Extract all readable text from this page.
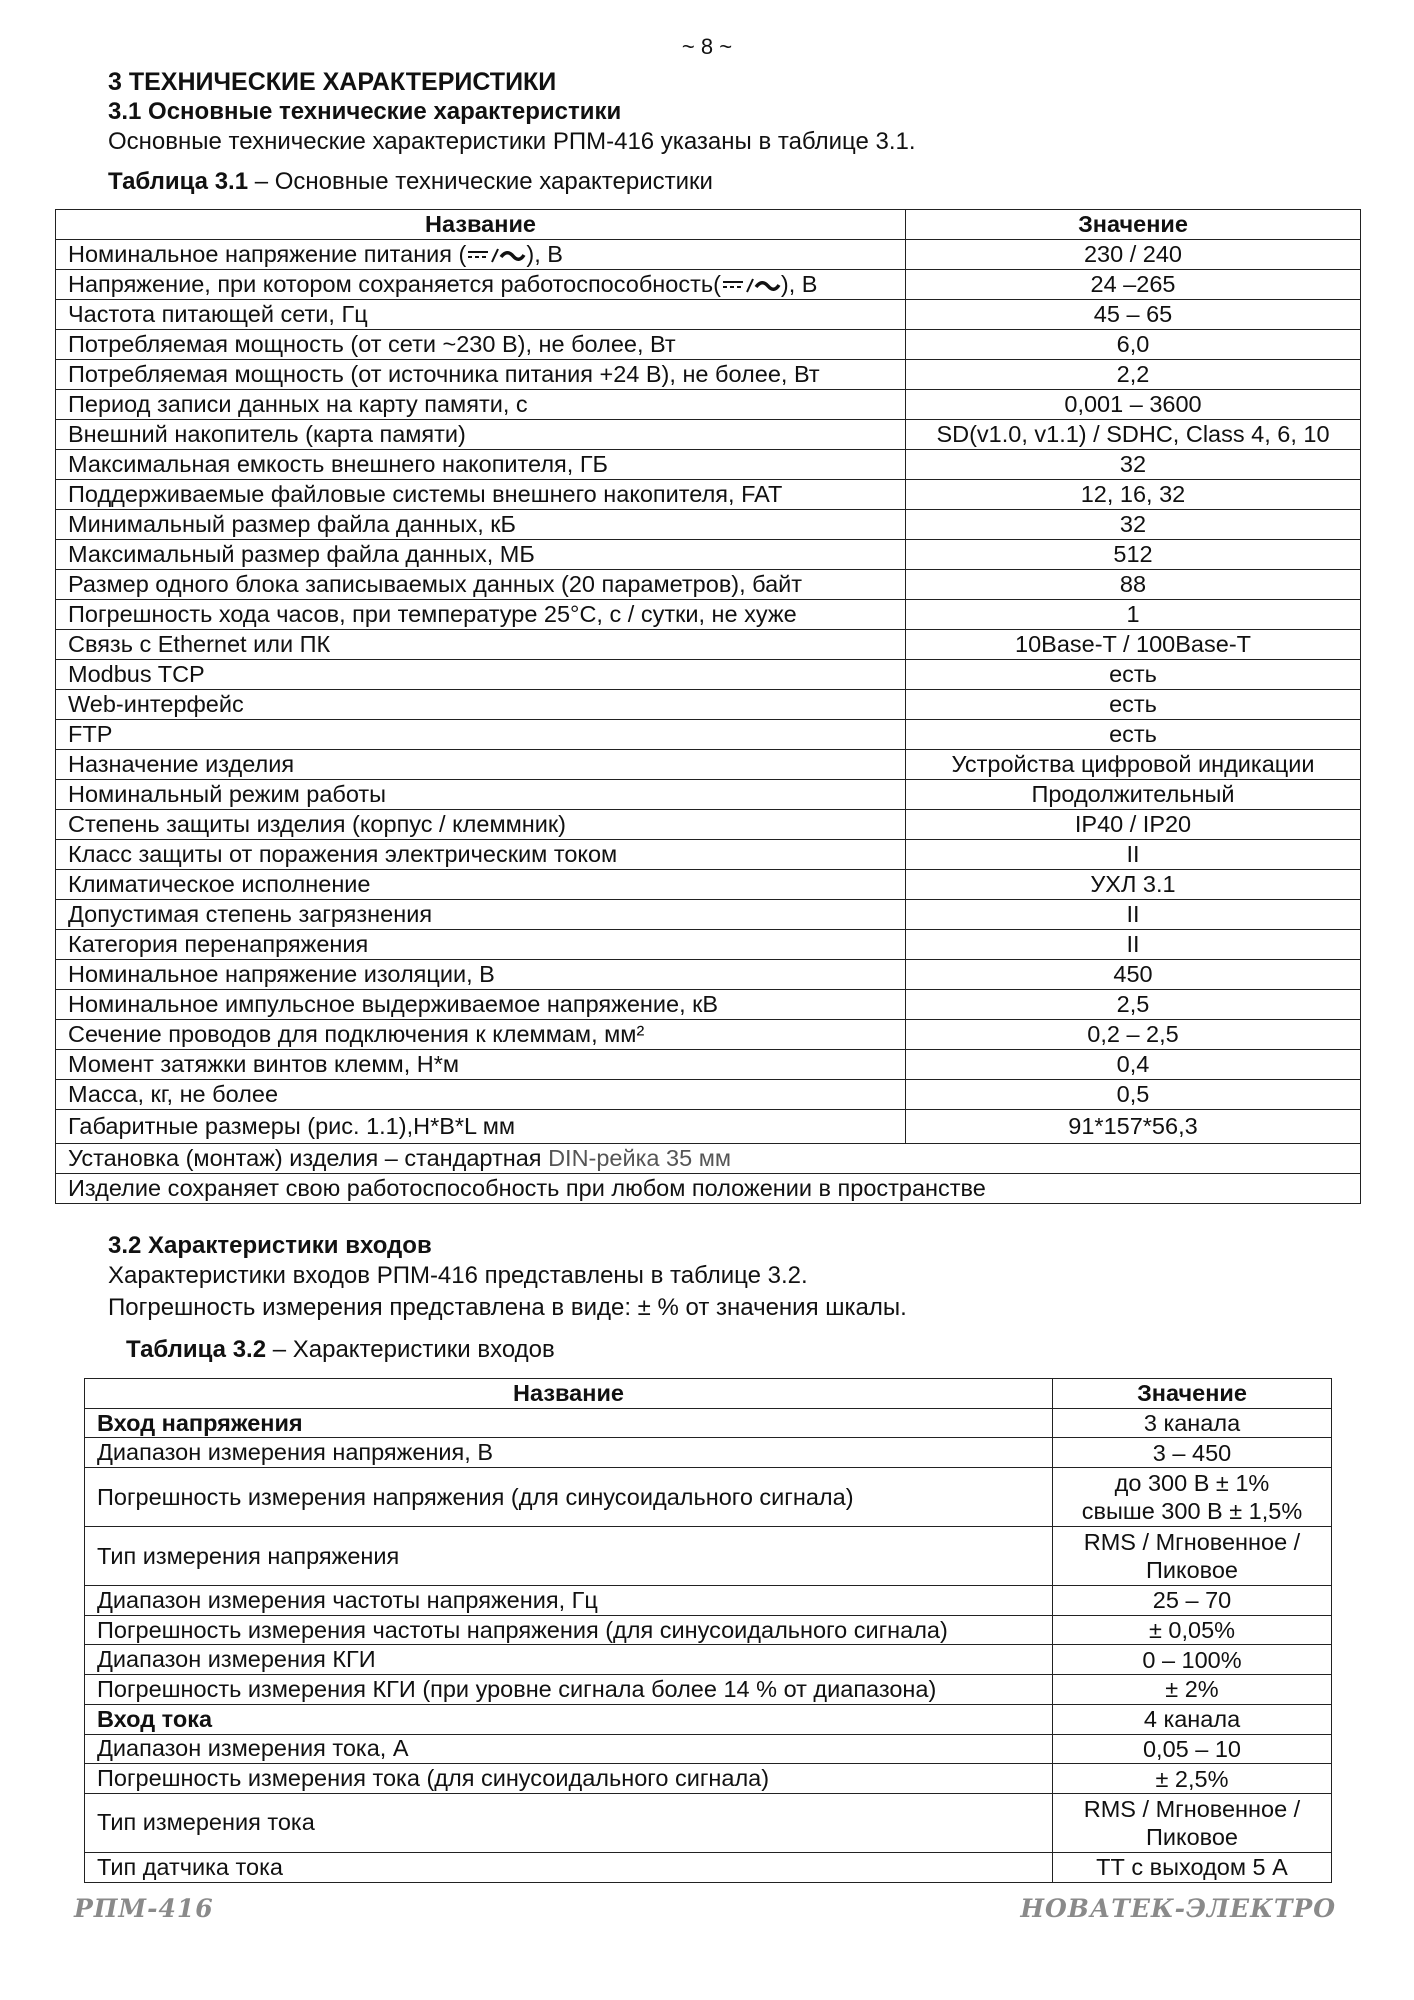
~ 8 ~
3 ТЕХНИЧЕСКИЕ ХАРАКТЕРИСТИКИ
3.1 Основные технические характеристики
Основные технические характеристики РПМ-416 указаны в таблице 3.1.
Таблица 3.1 – Основные технические характеристики
Название	Значение
Номинальное напряжение питания ( ), В	230 / 240
Напряжение, при котором сохраняется работоспособность( ), В	24 –265
Частота питающей сети, Гц	45 – 65
Потребляемая мощность (от сети ~230 В), не более, Вт	6,0
Потребляемая мощность (от источника питания +24 В), не более, Вт	2,2
Период записи данных на карту памяти, с	0,001 – 3600
Внешний накопитель (карта памяти)	SD(v1.0, v1.1) / SDHC, Class 4, 6, 10
Максимальная емкость внешнего накопителя, ГБ	32
Поддерживаемые файловые системы внешнего накопителя, FAT	12, 16, 32
Минимальный размер файла данных, кБ	32
Максимальный размер файла данных, МБ	512
Размер одного блока записываемых данных (20 параметров), байт	88
Погрешность хода часов, при температуре 25°С, с / сутки, не хуже	1
Связь с Ethernet или ПК	10Base-T / 100Base-T
Modbus TCP	есть
Web-интерфейс	есть
FTP	есть
Назначение изделия	Устройства цифровой индикации
Номинальный режим работы	Продолжительный
Степень защиты изделия (корпус / клеммник)	IP40 / IP20
Класс защиты от поражения электрическим током	II
Климатическое исполнение	УХЛ 3.1
Допустимая степень загрязнения	II
Категория перенапряжения	II
Номинальное напряжение изоляции, В	450
Номинальное импульсное выдерживаемое напряжение, кВ	2,5
Сечение проводов для подключения к клеммам, мм²	0,2 – 2,5
Момент затяжки винтов клемм, Н*м	0,4
Масса, кг, не более	0,5
Габаритные размеры (рис. 1.1),Н*В*L мм	91*157*56,3
Установка (монтаж) изделия – стандартная DIN-рейка 35 мм	
Изделие сохраняет свою работоспособность при любом положении в пространстве	
3.2 Характеристики входов
Характеристики входов РПМ-416 представлены в таблице 3.2.
Погрешность измерения представлена в виде: ± % от значения шкалы.
Таблица 3.2 – Характеристики входов
Название	Значение
Вход напряжения	3 канала
Диапазон измерения напряжения, В	3 – 450
Погрешность измерения напряжения (для синусоидального сигнала)	до 300 В ± 1%
свыше 300 В ± 1,5%

Тип измерения напряжения	RMS / Мгновенное /
Пиковое

Диапазон измерения частоты напряжения, Гц	25 – 70
Погрешность измерения частоты напряжения (для синусоидального сигнала)	± 0,05%
Диапазон измерения КГИ	0 – 100%
Погрешность измерения КГИ (при уровне сигнала более 14 % от диапазона)	± 2%
Вход тока	4 канала
Диапазон измерения тока, А	0,05 – 10
Погрешность измерения тока (для синусоидального сигнала)	± 2,5%
Тип измерения тока	RMS / Мгновенное /
Пиковое

Тип датчика тока	ТТ с выходом 5 А
РПМ-416	НОВАТЕК-ЭЛЕКТРО
